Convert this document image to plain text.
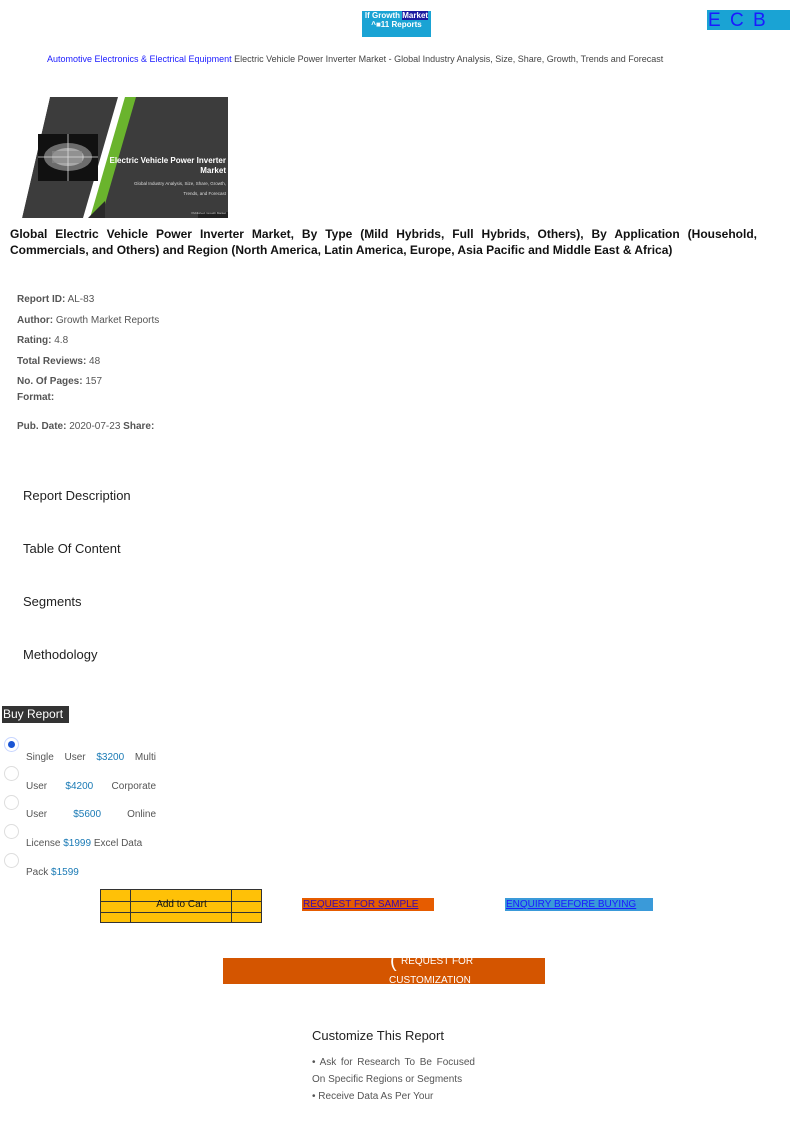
lf Growth Market
^■11 Reports	E C B
Automotive Electronics & Electrical Equipment Electric Vehicle Power Inverter Market - Global Industry Analysis, Size, Share, Growth, Trends and Forecast
Electric Vehicle Power Inverter
Market
Global Industry Analysis, Size, Share, Growth,
Trends, and Forecast
Published: Growth Market
Global Electric Vehicle Power Inverter Market, By Type (Mild Hybrids, Full Hybrids, Others), By Application (Household, Commercials, and Others) and Region (North America, Latin America, Europe, Asia Pacific and Middle East & Africa)
Report ID: AL-83
Author: Growth Market Reports
Rating: 4.8
Total Reviews: 48
No. Of Pages: 157
Format:
Pub. Date: 2020-07-23 Share:
Report Description
Table Of Content
Segments
Methodology
Buy Report
Single User $3200 Multi
User $4200 Corporate
User	$5600	Online
License $1999 Excel Data
Pack $1599
Add to Cart	REQUEST FOR SAMPLE	ENQUIRY BEFORE BUYING
( REQUEST FOR
CUSTOMIZATION
Customize This Report
• Ask for Research To Be Focused On Specific Regions or Segments
• Receive Data As Per Your
